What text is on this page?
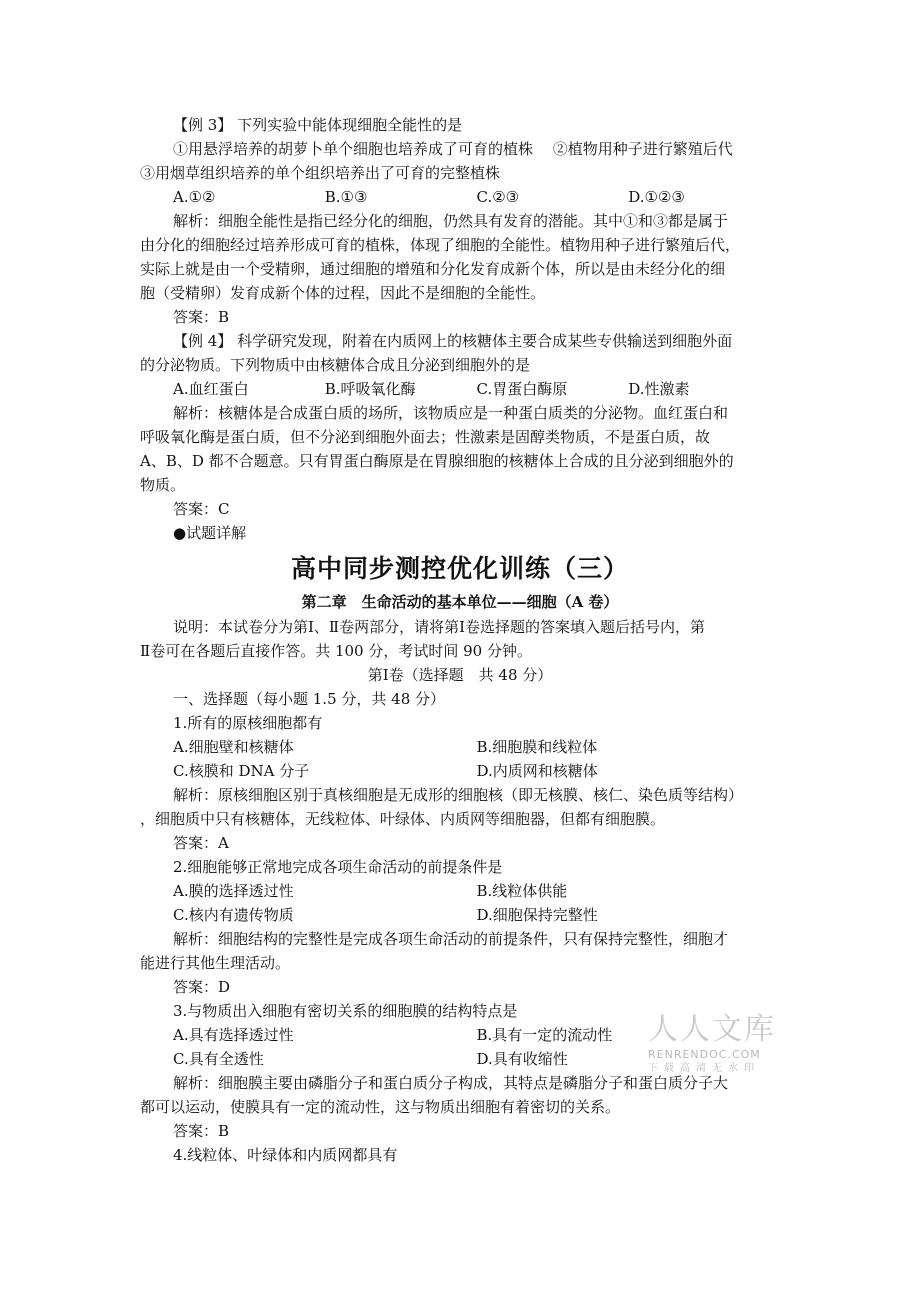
【例 3】 下列实验中能体现细胞全能性的是

①用悬浮培养的胡萝卜单个细胞也培养成了可育的植株　 ②植物用种子进行繁殖后代

③用烟草组织培养的单个组织培养出了可育的完整植株

A.①②	B.①③	C.②③	D.①②③

解析：细胞全能性是指已经分化的细胞，仍然具有发育的潜能。其中①和③都是属于

由分化的细胞经过培养形成可育的植株，体现了细胞的全能性。植物用种子进行繁殖后代，

实际上就是由一个受精卵，通过细胞的增殖和分化发育成新个体，所以是由未经分化的细

胞（受精卵）发育成新个体的过程，因此不是细胞的全能性。

答案：B

【例 4】 科学研究发现，附着在内质网上的核糖体主要合成某些专供输送到细胞外面

的分泌物质。下列物质中由核糖体合成且分泌到细胞外的是

A.血红蛋白	B.呼吸氧化酶	C.胃蛋白酶原	D.性激素

解析：核糖体是合成蛋白质的场所，该物质应是一种蛋白质类的分泌物。血红蛋白和

呼吸氧化酶是蛋白质，但不分泌到细胞外面去；性激素是固醇类物质，不是蛋白质，故

A、B、D 都不合题意。只有胃蛋白酶原是在胃腺细胞的核糖体上合成的且分泌到细胞外的

物质。

答案：C

●试题详解

高中同步测控优化训练（三）
第二章　生命活动的基本单位——细胞（A 卷）

说明：本试卷分为第Ⅰ、Ⅱ卷两部分，请将第Ⅰ卷选择题的答案填入题后括号内，第

Ⅱ卷可在各题后直接作答。共 100 分，考试时间 90 分钟。

第Ⅰ卷（选择题　共 48 分）

一、选择题（每小题 1.5 分，共 48 分）

1.所有的原核细胞都有

A.细胞壁和核糖体	B.细胞膜和线粒体
C.核膜和 DNA 分子	D.内质网和核糖体

解析：原核细胞区别于真核细胞是无成形的细胞核（即无核膜、核仁、染色质等结构）

，细胞质中只有核糖体，无线粒体、叶绿体、内质网等细胞器，但都有细胞膜。

答案：A

2.细胞能够正常地完成各项生命活动的前提条件是

A.膜的选择透过性	B.线粒体供能
C.核内有遗传物质	D.细胞保持完整性

解析：细胞结构的完整性是完成各项生命活动的前提条件，只有保持完整性，细胞才

能进行其他生理活动。

答案：D

3.与物质出入细胞有密切关系的细胞膜的结构特点是

A.具有选择透过性	B.具有一定的流动性
C.具有全透性	D.具有收缩性

解析：细胞膜主要由磷脂分子和蛋白质分子构成，其特点是磷脂分子和蛋白质分子大

都可以运动，使膜具有一定的流动性，这与物质出细胞有着密切的关系。

答案：B

4.线粒体、叶绿体和内质网都具有

人人文库
RENRENDOC.COM
下载高清无水印
